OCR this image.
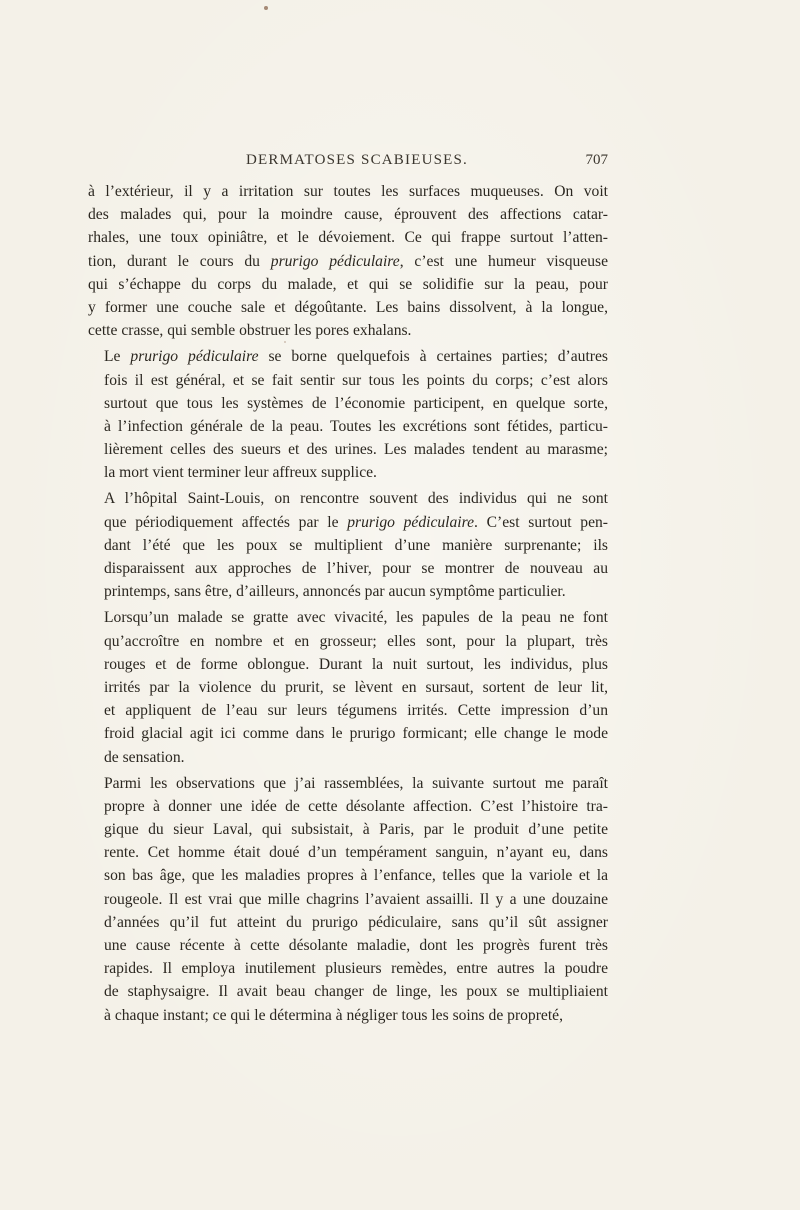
DERMATOSES SCABIEUSES.	707
à l’extérieur, il y a irritation sur toutes les surfaces muqueuses. On voit
des malades qui, pour la moindre cause, éprouvent des affections catar-
rhales, une toux opiniâtre, et le dévoiement. Ce qui frappe surtout l’atten-
tion, durant le cours du prurigo pédiculaire, c’est une humeur visqueuse
qui s’échappe du corps du malade, et qui se solidifie sur la peau, pour
y former une couche sale et dégoûtante. Les bains dissolvent, à la longue,
cette crasse, qui semble obstruer les pores exhalans.
Le prurigo pédiculaire se borne quelquefois à certaines parties; d’autres
fois il est général, et se fait sentir sur tous les points du corps; c’est alors
surtout que tous les systèmes de l’économie participent, en quelque sorte,
à l’infection générale de la peau. Toutes les excrétions sont fétides, particu-
lièrement celles des sueurs et des urines. Les malades tendent au marasme;
la mort vient terminer leur affreux supplice.
A l’hôpital Saint-Louis, on rencontre souvent des individus qui ne sont
que périodiquement affectés par le prurigo pédiculaire. C’est surtout pen-
dant l’été que les poux se multiplient d’une manière surprenante; ils
disparaissent aux approches de l’hiver, pour se montrer de nouveau au
printemps, sans être, d’ailleurs, annoncés par aucun symptôme particulier.
Lorsqu’un malade se gratte avec vivacité, les papules de la peau ne font
qu’accroître en nombre et en grosseur; elles sont, pour la plupart, très
rouges et de forme oblongue. Durant la nuit surtout, les individus, plus
irrités par la violence du prurit, se lèvent en sursaut, sortent de leur lit,
et appliquent de l’eau sur leurs tégumens irrités. Cette impression d’un
froid glacial agit ici comme dans le prurigo formicant; elle change le mode
de sensation.
Parmi les observations que j’ai rassemblées, la suivante surtout me paraît
propre à donner une idée de cette désolante affection. C’est l’histoire tra-
gique du sieur Laval, qui subsistait, à Paris, par le produit d’une petite
rente. Cet homme était doué d’un tempérament sanguin, n’ayant eu, dans
son bas âge, que les maladies propres à l’enfance, telles que la variole et la
rougeole. Il est vrai que mille chagrins l’avaient assailli. Il y a une douzaine
d’années qu’il fut atteint du prurigo pédiculaire, sans qu’il sût assigner
une cause récente à cette désolante maladie, dont les progrès furent très
rapides. Il employa inutilement plusieurs remèdes, entre autres la poudre
de staphysaigre. Il avait beau changer de linge, les poux se multipliaient
à chaque instant; ce qui le détermina à négliger tous les soins de propreté,
